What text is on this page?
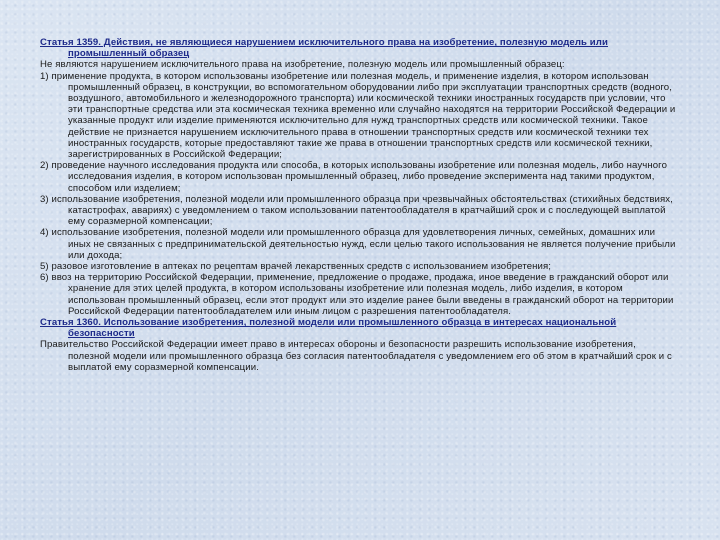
Статья 1359. Действия, не являющиеся нарушением исключительного права на изобретение, полезную модель или промышленный образец

Не являются нарушением исключительного права на изобретение, полезную модель или промышленный образец:

1) применение продукта, в котором использованы изобретение или полезная модель, и применение изделия, в котором использован промышленный образец, в конструкции, во вспомогательном оборудовании либо при эксплуатации транспортных средств (водного, воздушного, автомобильного и железнодорожного транспорта) или космической техники иностранных государств при условии, что эти транспортные средства или эта космическая техника временно или случайно находятся на территории Российской Федерации и указанные продукт или изделие применяются исключительно для нужд транспортных средств или космической техники. Такое действие не признается нарушением исключительного права в отношении транспортных средств или космической техники тех иностранных государств, которые предоставляют такие же права в отношении транспортных средств или космической техники, зарегистрированных в Российской Федерации;

2) проведение научного исследования продукта или способа, в которых использованы изобретение или полезная модель, либо научного исследования изделия, в котором использован промышленный образец, либо проведение эксперимента над такими продуктом, способом или изделием;

3) использование изобретения, полезной модели или промышленного образца при чрезвычайных обстоятельствах (стихийных бедствиях, катастрофах, авариях) с уведомлением о таком использовании патентообладателя в кратчайший срок и с последующей выплатой ему соразмерной компенсации;

4) использование изобретения, полезной модели или промышленного образца для удовлетворения личных, семейных, домашних или иных не связанных с предпринимательской деятельностью нужд, если целью такого использования не является получение прибыли или дохода;

5) разовое изготовление в аптеках по рецептам врачей лекарственных средств с использованием изобретения;

6) ввоз на территорию Российской Федерации, применение, предложение о продаже, продажа, иное введение в гражданский оборот или хранение для этих целей продукта, в котором использованы изобретение или полезная модель, либо изделия, в котором использован промышленный образец, если этот продукт или это изделие ранее были введены в гражданский оборот на территории Российской Федерации патентообладателем или иным лицом с разрешения патентообладателя.

Статья 1360. Использование изобретения, полезной модели или промышленного образца в интересах национальной безопасности

Правительство Российской Федерации имеет право в интересах обороны и безопасности разрешить использование изобретения, полезной модели или промышленного образца без согласия патентообладателя с уведомлением его об этом в кратчайший срок и с выплатой ему соразмерной компенсации.
